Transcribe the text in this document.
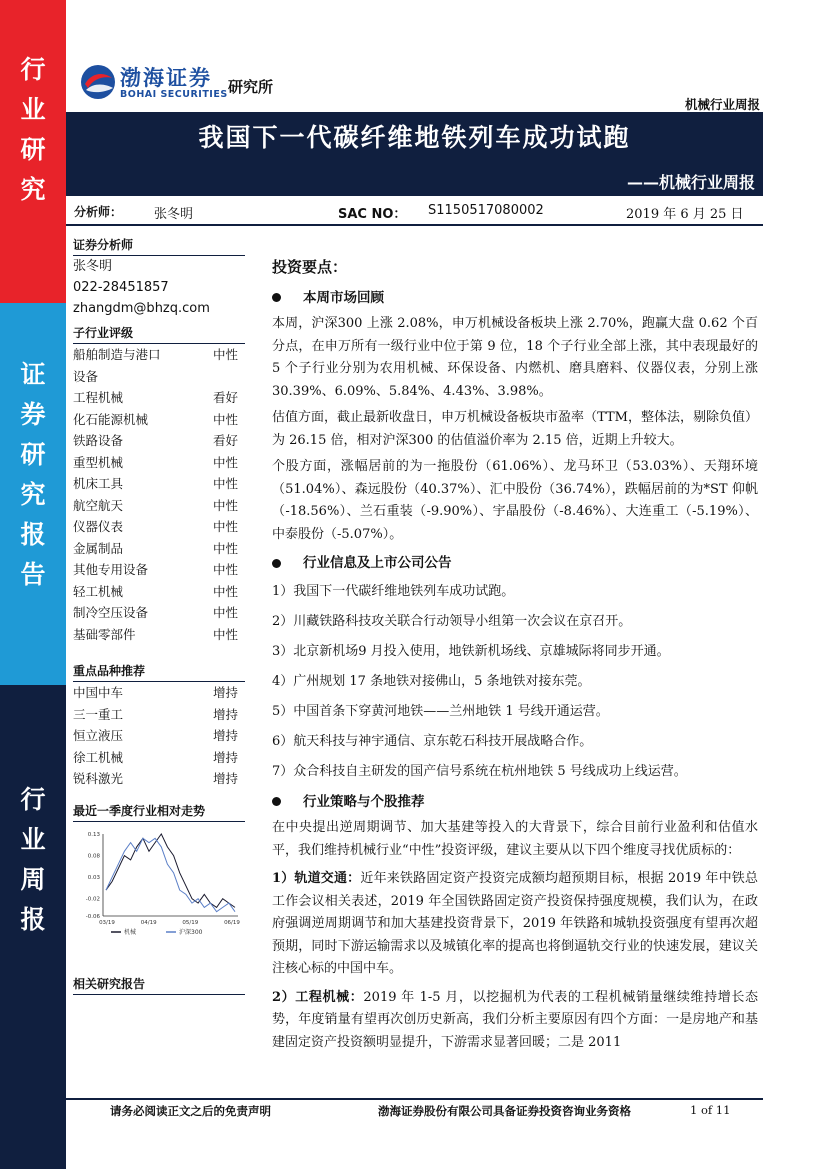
行
业
研
究
证
券
研
究
报
告
行
业
周
报
渤海证券
BOHAI SECURITIES 研究所
机械行业周报
我国下一代碳纤维地铁列车成功试跑
——机械行业周报
分析师： 张冬明	SAC NO： S1150517080002	2019 年 6 月 25 日
证券分析师
张冬明
022-28451857
zhangdm@bhzq.com
子行业评级
船舶制造与港口	中性
设备
工程机械	看好
化石能源机械	中性
铁路设备	看好
重型机械	中性
机床工具	中性
航空航天	中性
仪器仪表	中性
金属制品	中性
其他专用设备	中性
轻工机械	中性
制冷空压设备	中性
基础零部件	中性
重点品种推荐
中国中车	增持
三一重工	增持
恒立液压	增持
徐工机械	增持
锐科激光	增持
最近一季度行业相对走势
0.13
0.08
0.03
-0.02
-0.06
03/19	04/19	05/19	06/19
机械	沪深300
相关研究报告
投资要点：
本周市场回顾

本周，沪深300 上涨 2.08%，申万机械设备板块上涨 2.70%，跑赢大盘 0.62 个百分点，在申万所有一级行业中位于第 9 位，18 个子行业全部上涨，其中表现最好的 5 个子行业分别为农用机械、环保设备、内燃机、磨具磨料、仪器仪表，分别上涨 30.39%、6.09%、5.84%、4.43%、3.98%。

估值方面，截止最新收盘日，申万机械设备板块市盈率（TTM，整体法，剔除负值）为 26.15 倍，相对沪深300 的估值溢价率为 2.15 倍，近期上升较大。

个股方面，涨幅居前的为一拖股份（61.06%）、龙马环卫（53.03%）、天翔环境（51.04%）、森远股份（40.37%）、汇中股份（36.74%），跌幅居前的为*ST 仰帆（-18.56%）、兰石重装（-9.90%）、宇晶股份（-8.46%）、大连重工（-5.19%）、中泰股份（-5.07%）。

行业信息及上市公司公告

1）我国下一代碳纤维地铁列车成功试跑。

2）川藏铁路科技攻关联合行动领导小组第一次会议在京召开。

3）北京新机场9 月投入使用，地铁新机场线、京雄城际将同步开通。

4）广州规划 17 条地铁对接佛山，5 条地铁对接东莞。

5）中国首条下穿黄河地铁——兰州地铁 1 号线开通运营。

6）航天科技与神宇通信、京东乾石科技开展战略合作。

7）众合科技自主研发的国产信号系统在杭州地铁 5 号线成功上线运营。

行业策略与个股推荐

在中央提出逆周期调节、加大基建等投入的大背景下，综合目前行业盈利和估值水平，我们维持机械行业“中性”投资评级，建议主要从以下四个维度寻找优质标的：

1）轨道交通：近年来铁路固定资产投资完成额均超预期目标，根据 2019 年中铁总工作会议相关表述，2019 年全国铁路固定资产投资保持强度规模，我们认为，在政府强调逆周期调节和加大基建投资背景下，2019 年铁路和城轨投资强度有望再次超预期，同时下游运输需求以及城镇化率的提高也将倒逼轨交行业的快速发展，建议关注核心标的中国中车。

2）工程机械：2019 年 1-5 月，以挖掘机为代表的工程机械销量继续维持增长态势，年度销量有望再次创历史新高，我们分析主要原因有四个方面：一是房地产和基建固定资产投资额明显提升，下游需求显著回暖；二是 2011

请务必阅读正文之后的免责声明	渤海证券股份有限公司具备证券投资咨询业务资格	1 of 11
